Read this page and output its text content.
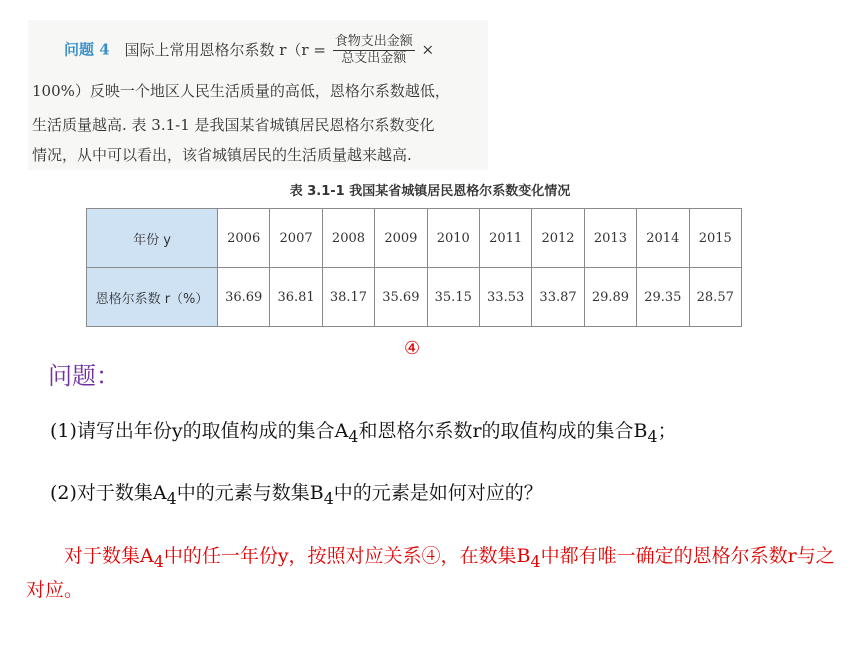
问题 4 国际上常用恩格尔系数 $r(r = \frac{\text{食物支出金额}}{\text{总支出金额}}$ ×
100%）反映一个地区人民生活质量的高低，恩格尔系数越低，
生活质量越高. 表 3.1-1 是我国某省城镇居民恩格尔系数变化
情况，从中可以看出，该省城镇居民的生活质量越来越高.
表 3.1-1 我国某省城镇居民恩格尔系数变化情况
年份 y	2006	2007	2008	2009	2010	2011	2012	2013	2014	2015
恩格尔系数 r（%）	36.69	36.81	38.17	35.69	35.15	33.53	33.87	29.89	29.35	28.57
④
问题：
(1)请写出年份y的取值构成的集合$A_4$和恩格尔系数r的取值构成的集合$B_4$；
(2)对于数集$A_4$中的元素与数集$B_4$中的元素是如何对应的？
对于数集$A_4$中的任一年份y，按照对应关系④，在数集$B_4$中都有唯一确定的恩格尔系数r与之对应。
